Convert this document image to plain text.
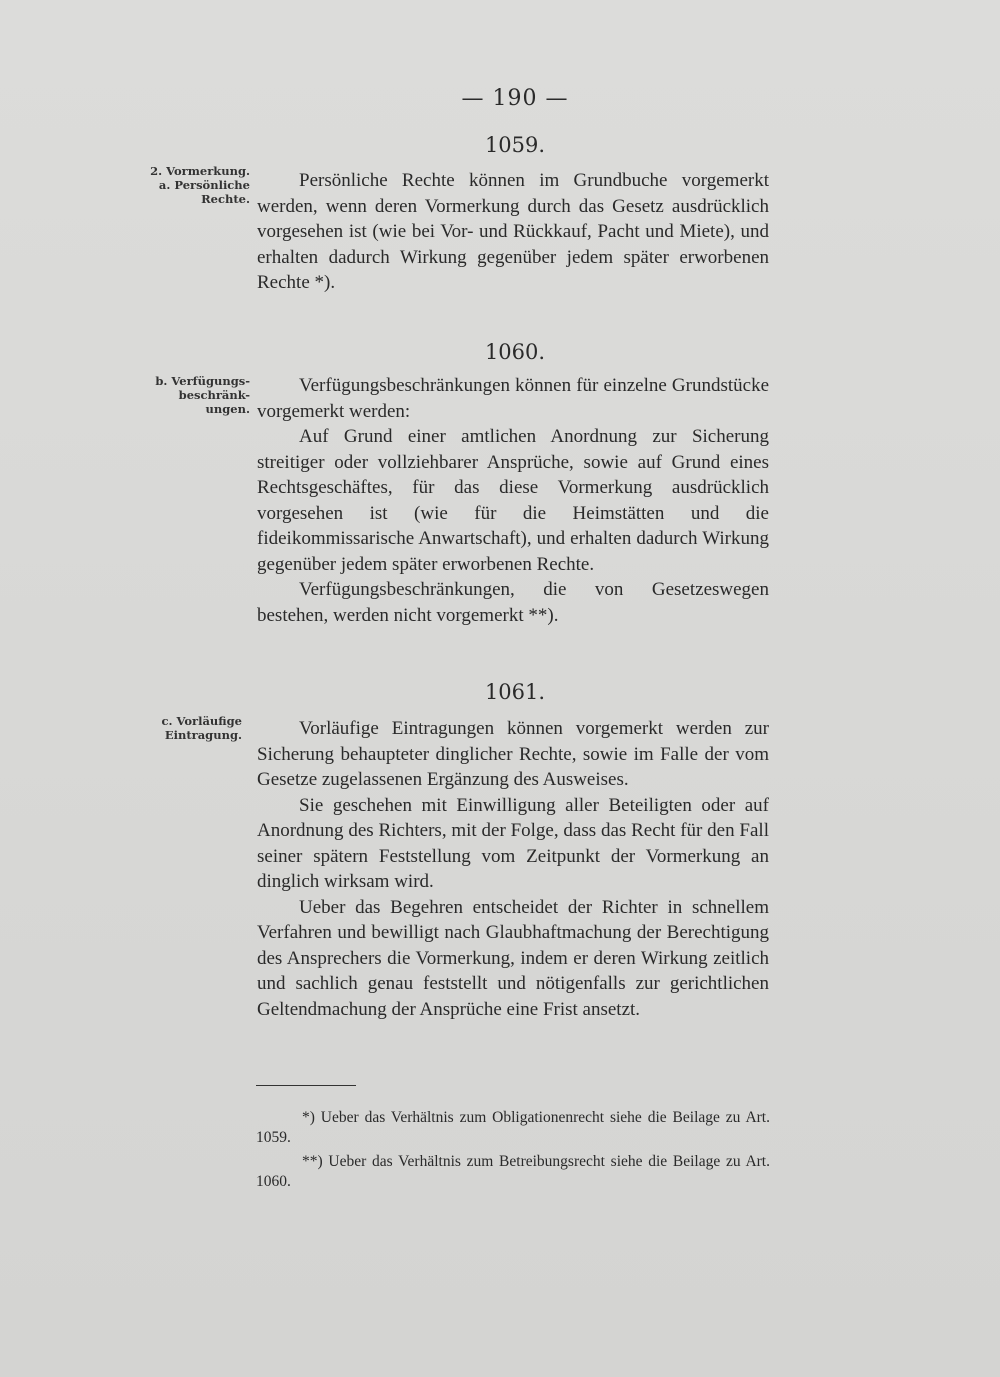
— 190 —
1059.
2. Vormerkung.
a. Persönliche
Rechte.

Persönliche Rechte können im Grundbuche vorgemerkt werden, wenn deren Vormerkung durch das Gesetz ausdrücklich vorgesehen ist (wie bei Vor- und Rückkauf, Pacht und Miete), und erhalten dadurch Wirkung gegenüber jedem später erworbenen Rechte *).

1060.
b. Verfügungs-
beschränk-
ungen.

Verfügungsbeschränkungen können für einzelne Grundstücke vorgemerkt werden:

Auf Grund einer amtlichen Anordnung zur Sicherung streitiger oder vollziehbarer Ansprüche, sowie auf Grund eines Rechtsgeschäftes, für das diese Vormerkung ausdrücklich vorgesehen ist (wie für die Heimstätten und die fideikommissarische Anwartschaft), und erhalten dadurch Wirkung gegenüber jedem später erworbenen Rechte.

Verfügungsbeschränkungen, die von Gesetzeswegen bestehen, werden nicht vorgemerkt **).

1061.
c. Vorläufige Eintragung.	Vorläufige Eintragungen können vorgemerkt werden zur Sicherung behaupteter dinglicher Rechte, sowie im Falle der vom Gesetze zugelassenen Ergänzung des Ausweises.

Sie geschehen mit Einwilligung aller Beteiligten oder auf Anordnung des Richters, mit der Folge, dass das Recht für den Fall seiner spätern Feststellung vom Zeitpunkt der Vormerkung an dinglich wirksam wird.

Ueber das Begehren entscheidet der Richter in schnellem Verfahren und bewilligt nach Glaubhaftmachung der Berechtigung des Ansprechers die Vormerkung, indem er deren Wirkung zeitlich und sachlich genau feststellt und nötigenfalls zur gerichtlichen Geltendmachung der Ansprüche eine Frist ansetzt.

*) Ueber das Verhältnis zum Obligationenrecht siehe die Beilage zu Art. 1059.

**) Ueber das Verhältnis zum Betreibungsrecht siehe die Beilage zu Art. 1060.
